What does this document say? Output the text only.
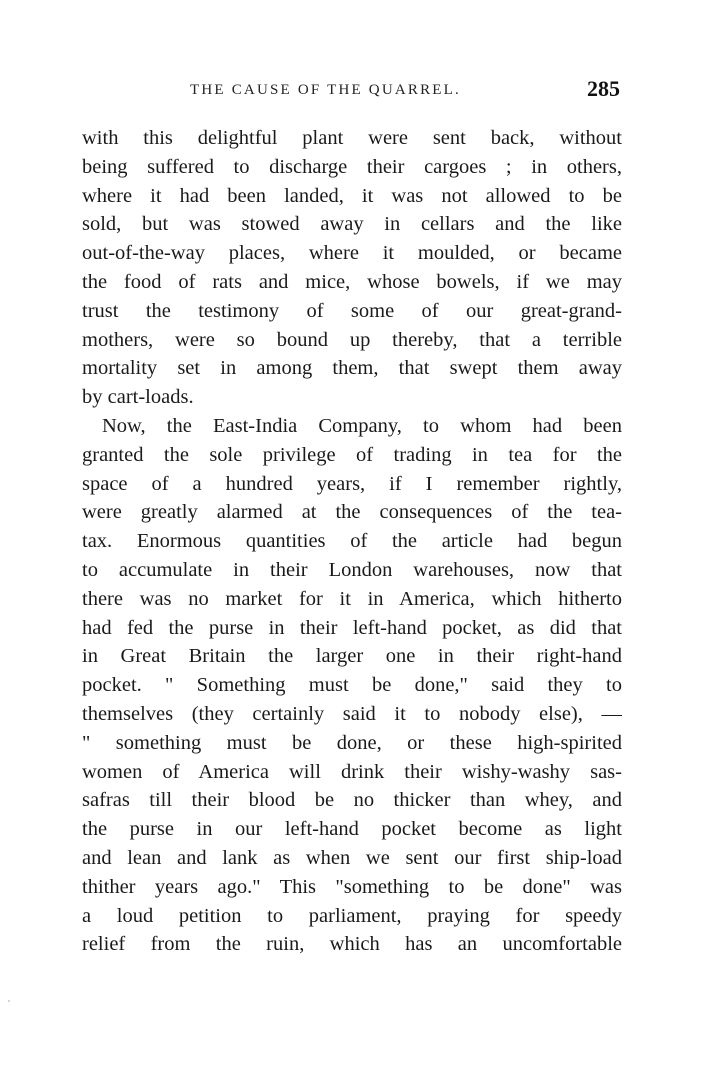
THE CAUSE OF THE QUARREL.	285
with this delightful plant were sent back, without
being suffered to discharge their cargoes ; in others,
where it had been landed, it was not allowed to be
sold, but was stowed away in cellars and the like
out-of-the-way places, where it moulded, or became
the food of rats and mice, whose bowels, if we may
trust the testimony of some of our great-grand-
mothers, were so bound up thereby, that a terrible
mortality set in among them, that swept them away
by cart-loads.
Now, the East-India Company, to whom had been
granted the sole privilege of trading in tea for the
space of a hundred years, if I remember rightly,
were greatly alarmed at the consequences of the tea-
tax. Enormous quantities of the article had begun
to accumulate in their London warehouses, now that
there was no market for it in America, which hitherto
had fed the purse in their left-hand pocket, as did that
in Great Britain the larger one in their right-hand
pocket. " Something must be done," said they to
themselves (they certainly said it to nobody else), —
" something must be done, or these high-spirited
women of America will drink their wishy-washy sas-
safras till their blood be no thicker than whey, and
the purse in our left-hand pocket become as light
and lean and lank as when we sent our first ship-load
thither years ago." This "something to be done" was
a loud petition to parliament, praying for speedy
relief from the ruin, which has an uncomfortable
